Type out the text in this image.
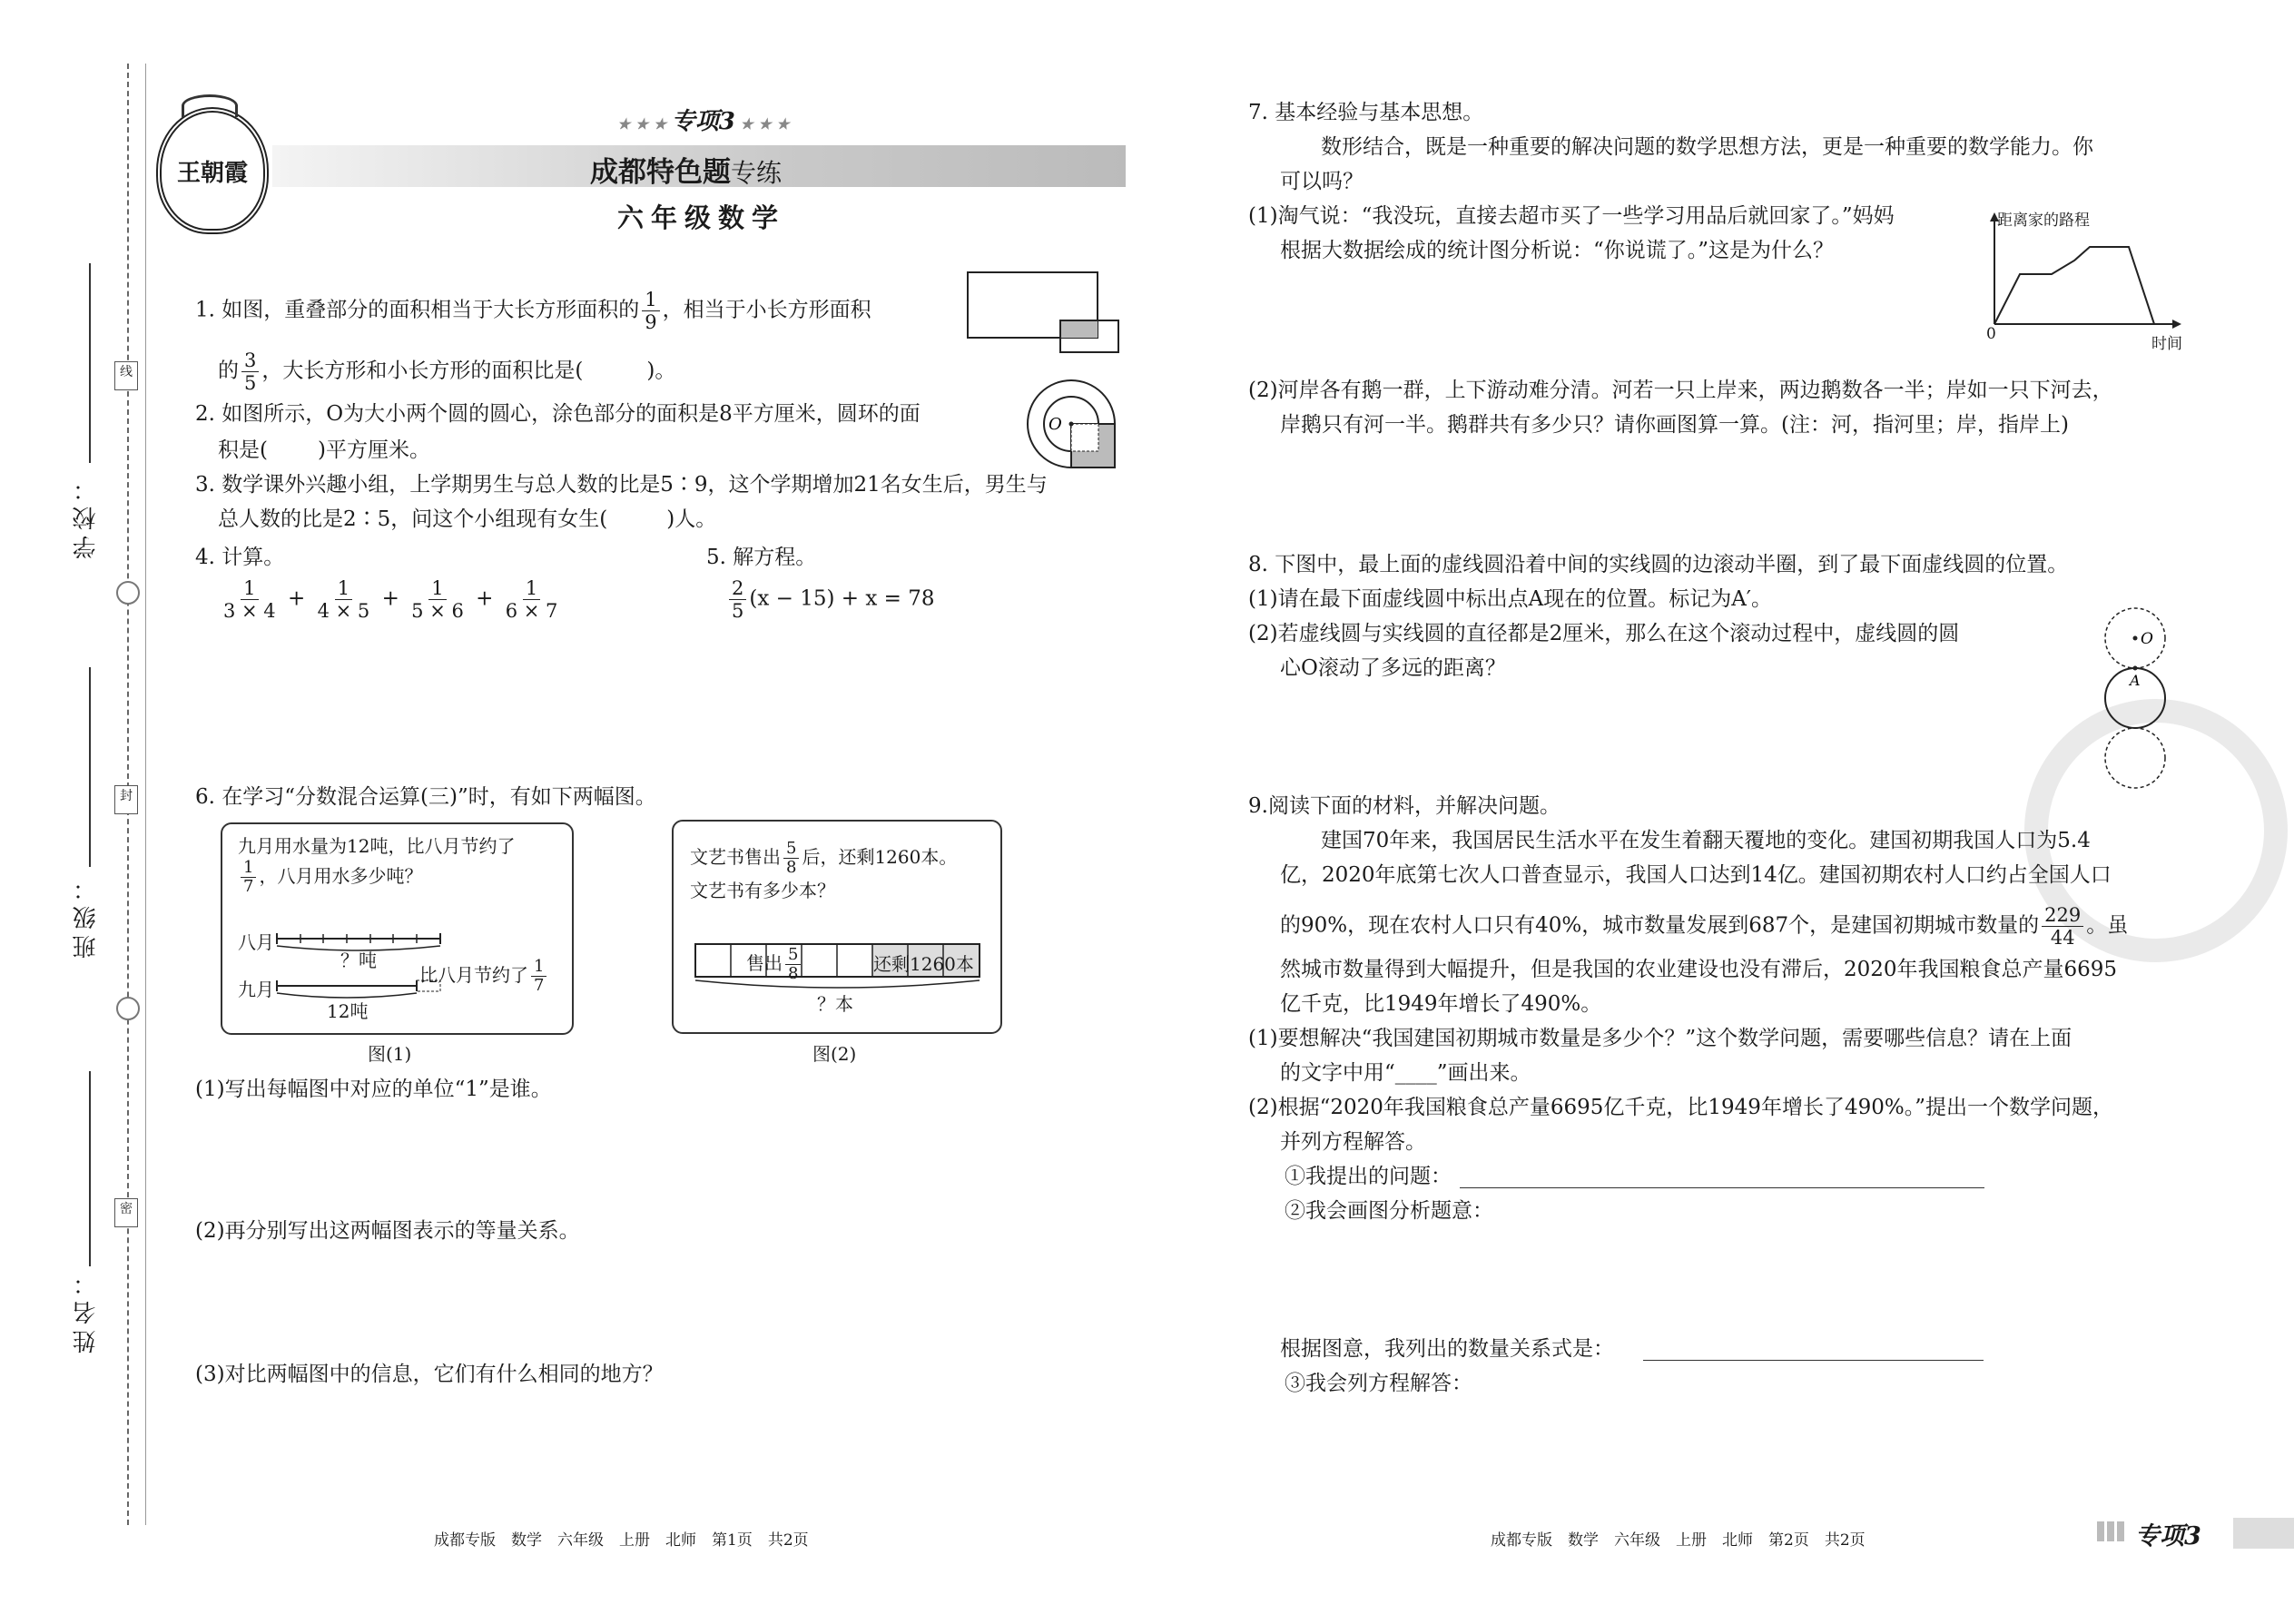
线
封
密
学校：
班级：
姓名：
王朝霞
★ ★ ★ 专项3 ★ ★ ★
成都特色题专练
六年级数学
1. 如图，重叠部分的面积相当于大长方形面积的 $\frac{1}{9}$ ，相当于小长方形面积
的 $\frac{3}{5}$ ，大长方形和小长方形的面积比是(	)。
2. 如图所示，O为大小两个圆的圆心，涂色部分的面积是8平方厘米，圆环的面
积是( )平方厘米。
O
3. 数学课外兴趣小组，上学期男生与总人数的比是5∶9，这个学期增加21名女生后，男生与
总人数的比是2∶5，问这个小组现有女生(	)人。
4. 计算。
$\frac{1}{3 \times 4} + \frac{1}{4 \times 5} + \frac{1}{5 \times 6} + \frac{1}{6 \times 7}$
5. 解方程。
$\frac{2}{5} (x - 15) + x = 78$
6. 在学习“分数混合运算(三)”时，有如下两幅图。
九月用水量为12吨，比八月节约了
$\frac{1}{7}$ ，八月用水多少吨？
八月
九月
？吨
12吨
比八月节约了 $\frac{1}{7}$
图(1)
文艺书售出 $\frac{5}{8}$ 后，还剩1260本。
文艺书有多少本？
售出 $\frac{5}{8}$	还剩1260本
？本
图(2)
(1)写出每幅图中对应的单位“1”是谁。
(2)再分别写出这两幅图表示的等量关系。
(3)对比两幅图中的信息，它们有什么相同的地方？
成都专版　数学　六年级　上册　北师　第1页　共2页
7. 基本经验与基本思想。
数形结合，既是一种重要的解决问题的数学思想方法，更是一种重要的数学能力。你
可以吗？
(1)淘气说：“我没玩，直接去超市买了一些学习用品后就回家了。”妈妈
根据大数据绘成的统计图分析说：“你说谎了。”这是为什么？
距离家的路程
0
时间
(2)河岸各有鹅一群，上下游动难分清。河若一只上岸来，两边鹅数各一半；岸如一只下河去，
岸鹅只有河一半。鹅群共有多少只？请你画图算一算。(注：河，指河里；岸，指岸上)
8. 下图中，最上面的虚线圆沿着中间的实线圆的边滚动半圈，到了最下面虚线圆的位置。
(1)请在最下面虚线圆中标出点A现在的位置。标记为A′。
(2)若虚线圆与实线圆的直径都是2厘米，那么在这个滚动过程中，虚线圆的圆
心O滚动了多远的距离？
O
A
9.阅读下面的材料，并解决问题。
建国70年来，我国居民生活水平在发生着翻天覆地的变化。建国初期我国人口为5.4
亿，2020年底第七次人口普查显示，我国人口达到14亿。建国初期农村人口约占全国人口
的90%，现在农村人口只有40%，城市数量发展到687个，是建国初期城市数量的 $\frac{229}{44}$ 。虽
然城市数量得到大幅提升，但是我国的农业建设也没有滞后，2020年我国粮食总产量6695
亿千克，比1949年增长了490%。
(1)要想解决“我国建国初期城市数量是多少个？”这个数学问题，需要哪些信息？请在上面
的文字中用“____”画出来。
(2)根据“2020年我国粮食总产量6695亿千克，比1949年增长了490%。”提出一个数学问题，
并列方程解答。
①我提出的问题：
②我会画图分析题意：
根据图意，我列出的数量关系式是：
③我会列方程解答：
成都专版　数学　六年级　上册　北师　第2页　共2页	专项3
